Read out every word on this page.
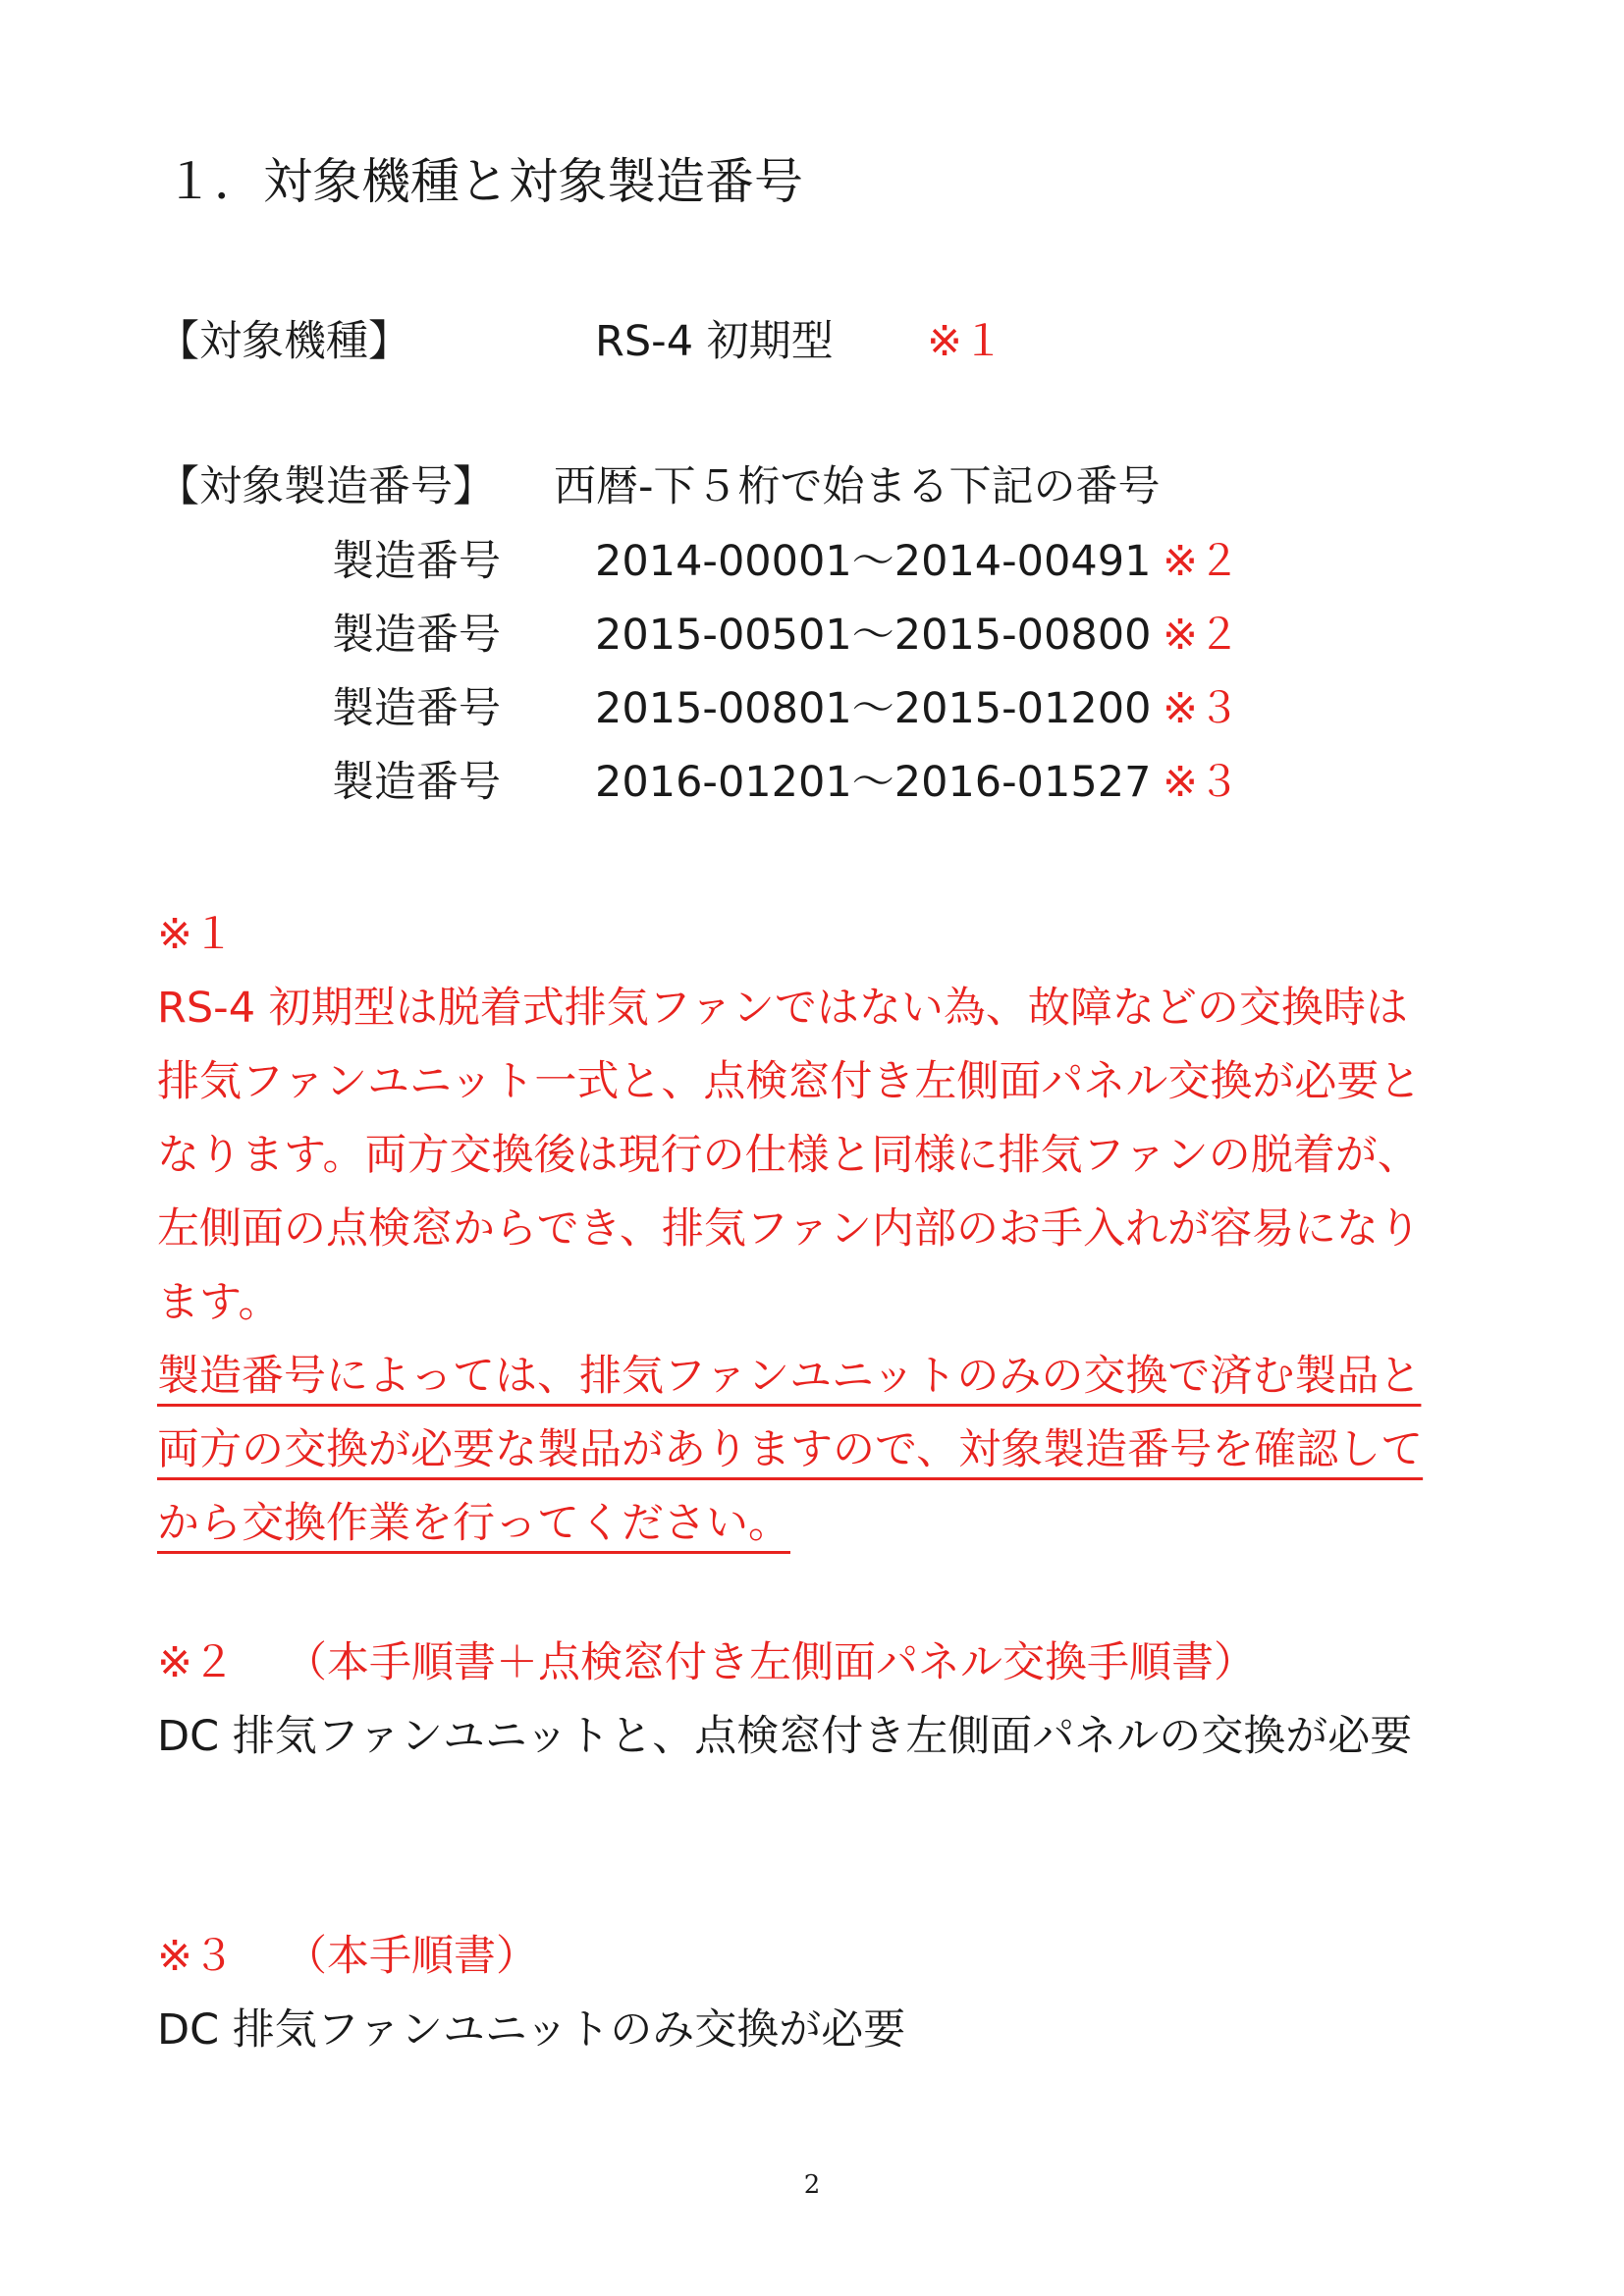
１．対象機種と対象製造番号
【対象機種】	RS-4 初期型 ※１
【対象製造番号】 西暦-下５桁で始まる下記の番号
製造番号 2014-00001～2014-00491 ※２
製造番号 2015-00501～2015-00800 ※２
製造番号 2015-00801～2015-01200 ※３
製造番号 2016-01201～2016-01527 ※３
※１
RS-4 初期型は脱着式排気ファンではない為、故障などの交換時は
排気ファンユニット一式と、点検窓付き左側面パネル交換が必要と
なります。両方交換後は現行の仕様と同様に排気ファンの脱着が、
左側面の点検窓からでき、排気ファン内部のお手入れが容易になり
ます。
製造番号によっては、排気ファンユニットのみの交換で済む製品と
両方の交換が必要な製品がありますので、対象製造番号を確認して
から交換作業を行ってください。
※２ （本手順書＋点検窓付き左側面パネル交換手順書）
DC 排気ファンユニットと、点検窓付き左側面パネルの交換が必要
※３ （本手順書）
DC 排気ファンユニットのみ交換が必要
2
